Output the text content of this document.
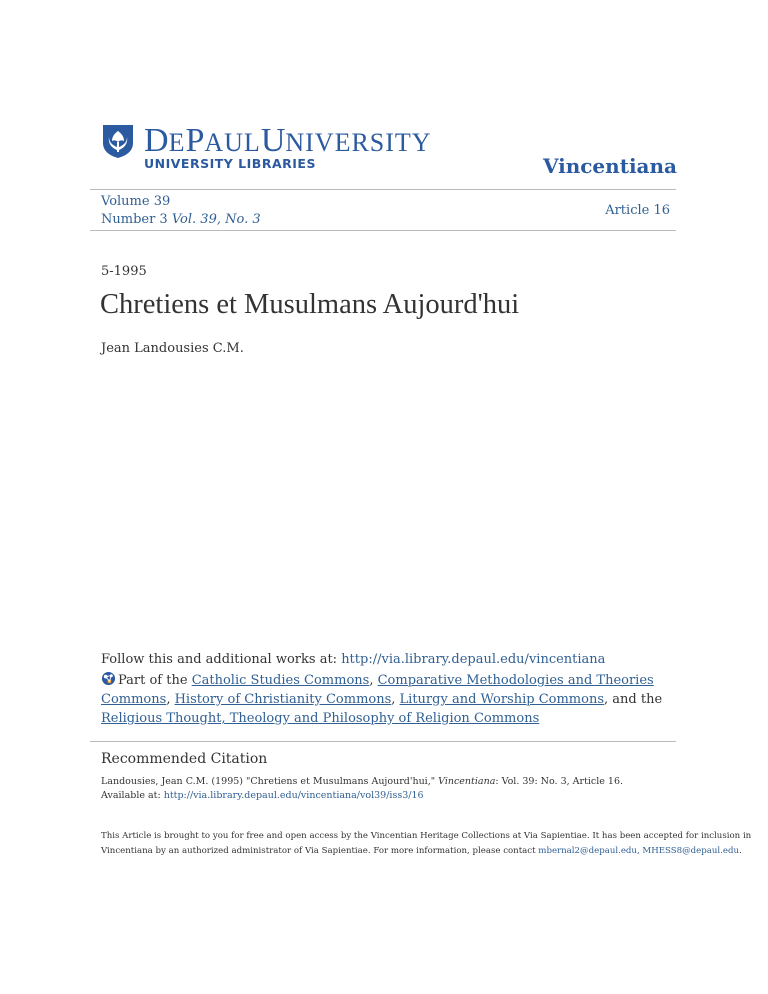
DEPAULUNIVERSITY
UNIVERSITY LIBRARIES	Vincentiana
Volume 39
Number 3 Vol. 39, No. 3
Article 16
5-1995
Chretiens et Musulmans Aujourd'hui
Jean Landousies C.M.
Follow this and additional works at: http://via.library.depaul.edu/vincentiana
Part of the Catholic Studies Commons, Comparative Methodologies and Theories Commons, History of Christianity Commons, Liturgy and Worship Commons, and the Religious Thought, Theology and Philosophy of Religion Commons
Recommended Citation
Landousies, Jean C.M. (1995) "Chretiens et Musulmans Aujourd'hui," Vincentiana: Vol. 39: No. 3, Article 16.
Available at: http://via.library.depaul.edu/vincentiana/vol39/iss3/16
This Article is brought to you for free and open access by the Vincentian Heritage Collections at Via Sapientiae. It has been accepted for inclusion in
Vincentiana by an authorized administrator of Via Sapientiae. For more information, please contact mbernal2@depaul.edu, MHESS8@depaul.edu.
